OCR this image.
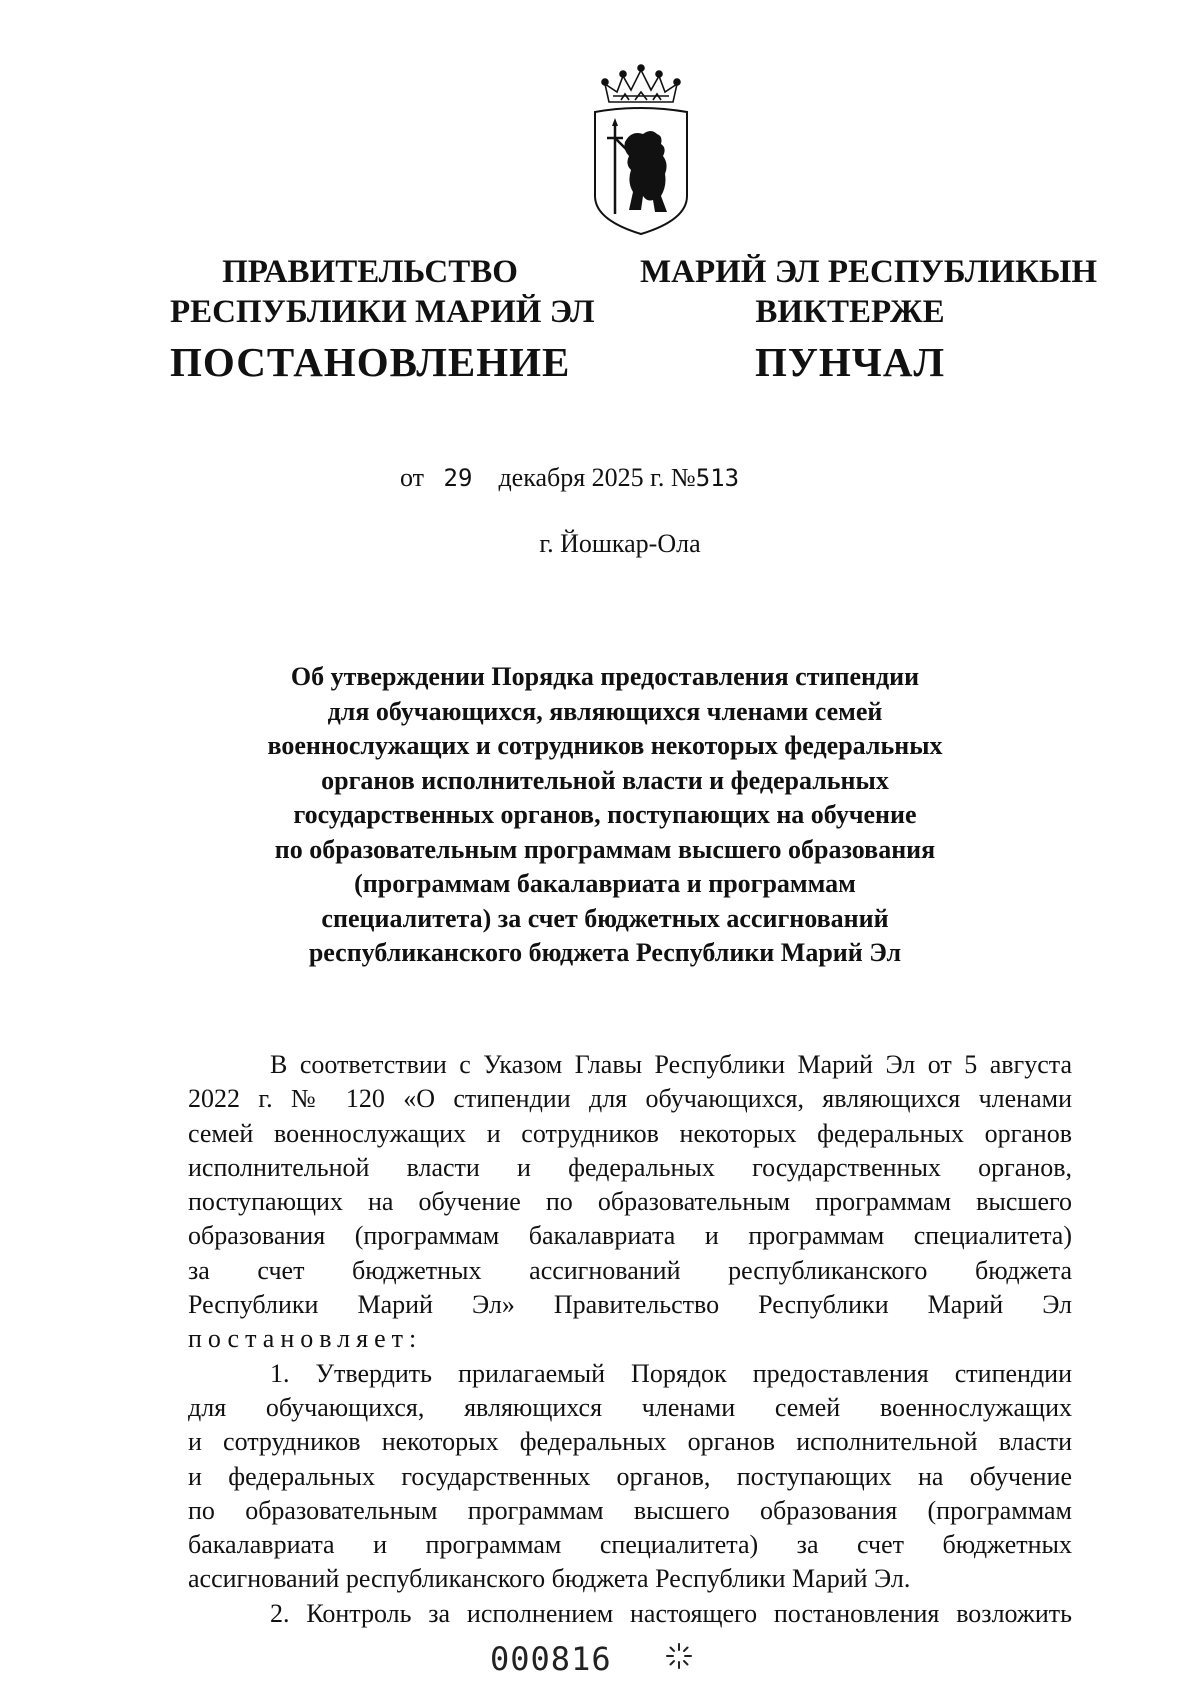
ПРАВИТЕЛЬСТВО
РЕСПУБЛИКИ МАРИЙ ЭЛ
ПОСТАНОВЛЕНИЕ
МАРИЙ ЭЛ РЕСПУБЛИКЫН
ВИКТЕРЖЕ
ПУНЧАЛ
от 29 декабря 2025 г. №513
г. Йошкар-Ола
Об утверждении Порядка предоставления стипендии
для обучающихся, являющихся членами семей
военнослужащих и сотрудников некоторых федеральных
органов исполнительной власти и федеральных
государственных органов, поступающих на обучение
по образовательным программам высшего образования
(программам бакалавриата и программам
специалитета) за счет бюджетных ассигнований
республиканского бюджета Республики Марий Эл
В соответствии с Указом Главы Республики Марий Эл от 5 августа
2022 г. № 120 «О стипендии для обучающихся, являющихся членами
семей военнослужащих и сотрудников некоторых федеральных органов
исполнительной власти и федеральных государственных органов,
поступающих на обучение по образовательным программам высшего
образования (программам бакалавриата и программам специалитета)
за счет бюджетных ассигнований республиканского бюджета
Республики Марий Эл» Правительство Республики Марий Эл
постановляет:
1. Утвердить прилагаемый Порядок предоставления стипендии
для обучающихся, являющихся членами семей военнослужащих
и сотрудников некоторых федеральных органов исполнительной власти
и федеральных государственных органов, поступающих на обучение
по образовательным программам высшего образования (программам
бакалавриата и программам специалитета) за счет бюджетных
ассигнований республиканского бюджета Республики Марий Эл.
2. Контроль за исполнением настоящего постановления возложить
000816
